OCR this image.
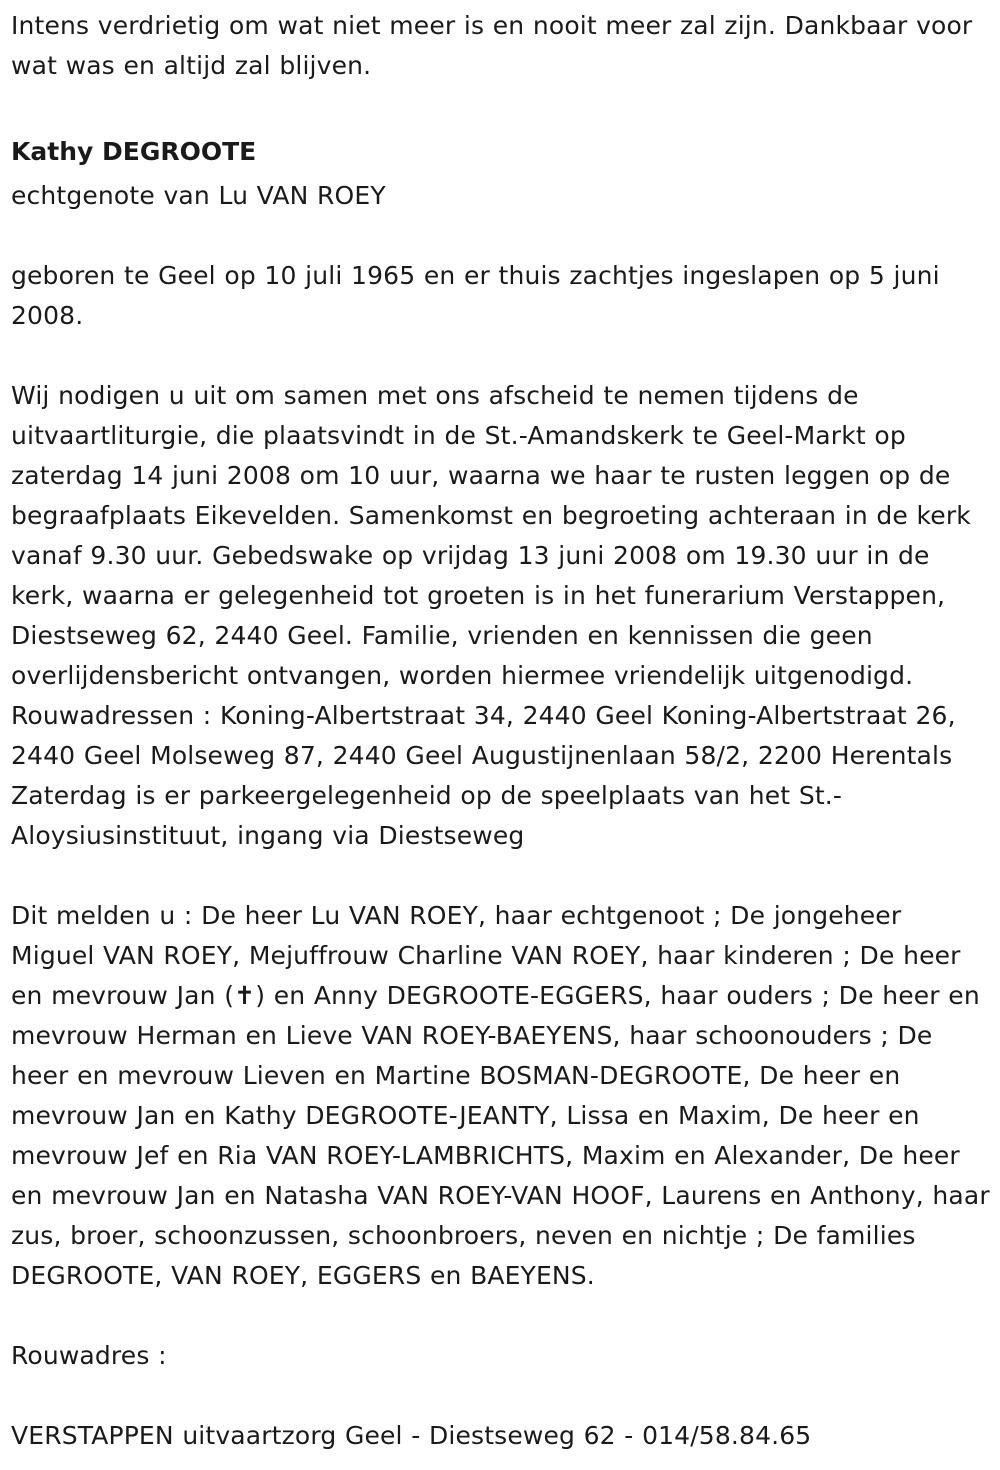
Intens verdrietig om wat niet meer is en nooit meer zal zijn. Dankbaar voor wat was en altijd zal blijven.

Kathy DEGROOTE

echtgenote van Lu VAN ROEY

geboren te Geel op 10 juli 1965 en er thuis zachtjes ingeslapen op 5 juni 2008.

Wij nodigen u uit om samen met ons afscheid te nemen tijdens de uitvaartliturgie, die plaatsvindt in de St.-Amandskerk te Geel-Markt op zaterdag 14 juni 2008 om 10 uur, waarna we haar te rusten leggen op de begraafplaats Eikevelden. Samenkomst en begroeting achteraan in de kerk vanaf 9.30 uur. Gebedswake op vrijdag 13 juni 2008 om 19.30 uur in de kerk, waarna er gelegenheid tot groeten is in het funerarium Verstappen, Diestseweg 62, 2440 Geel. Familie, vrienden en kennissen die geen overlijdensbericht ontvangen, worden hiermee vriendelijk uitgenodigd. Rouwadressen : Koning-Albertstraat 34, 2440 Geel Koning-Albertstraat 26, 2440 Geel Molseweg 87, 2440 Geel Augustijnenlaan 58/2, 2200 Herentals Zaterdag is er parkeergelegenheid op de speelplaats van het St.-Aloysiusinstituut, ingang via Diestseweg

Dit melden u : De heer Lu VAN ROEY, haar echtgenoot ; De jongeheer Miguel VAN ROEY, Mejuffrouw Charline VAN ROEY, haar kinderen ; De heer en mevrouw Jan (✝) en Anny DEGROOTE-EGGERS, haar ouders ; De heer en mevrouw Herman en Lieve VAN ROEY-BAEYENS, haar schoonouders ; De heer en mevrouw Lieven en Martine BOSMAN-DEGROOTE, De heer en mevrouw Jan en Kathy DEGROOTE-JEANTY, Lissa en Maxim, De heer en mevrouw Jef en Ria VAN ROEY-LAMBRICHTS, Maxim en Alexander, De heer en mevrouw Jan en Natasha VAN ROEY-VAN HOOF, Laurens en Anthony, haar zus, broer, schoonzussen, schoonbroers, neven en nichtje ; De families DEGROOTE, VAN ROEY, EGGERS en BAEYENS.

Rouwadres :

VERSTAPPEN uitvaartzorg Geel - Diestseweg 62 - 014/58.84.65
